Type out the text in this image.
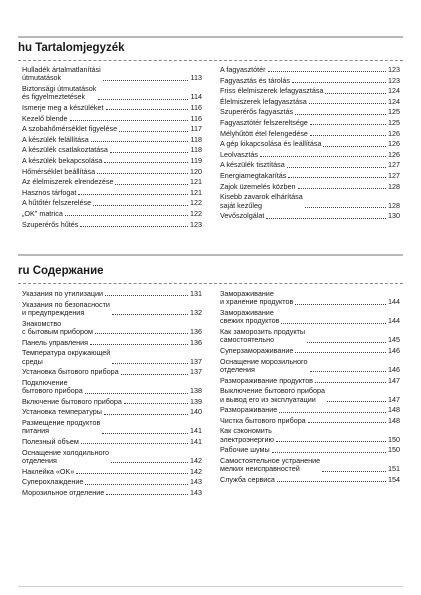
hu Tartalomjegyzék
Hulladék ártalmatlanítási
útmutatások	113
Biztonsági útmutatások
és figyelmeztetések	114
Ismerje meg a készüléket	116
Kezelő blende	116
A szobahőmérséklet figyelése	117
A készülék felállítása	118
A készülék csatlakoztatása	118
A készülék bekapcsolása	119
Hőmérséklet beállítása	120
Az élelmiszerek elrendezése	121
Hasznos tárfogat	121
A hűtőtér felszerelése	122
„OK" matrica	122
Szuperérős hűtés	123
A fagyasztótér	123
Fagyasztás és tárolás	123
Friss élelmiszerek lefagyasztása	124
Élelmiszerek lefagyasztása	124
Szuperérős fagyasztás	125
Fagyasztótér felszereltsége	125
Mélyhűtött étel felengedése	126
A gép kikapcsolása és leállítása	126
Leolvasztás	126
A készülék tisztítása	127
Energiamegtakarítás	127
Zajok üzemelés közben	128
Kisebb zavarok elhárítása
saját kezűleg	128
Vevőszolgálat	130
ru Содержание
Указания по утилизации	131
Указания по безопасности
и предупреждения	132
Знакомство
с бытовым прибором	136
Панель управления	136
Температура окружающей
среды	137
Установка бытового прибора	137
Подключение
бытового прибора	138
Включение бытового прибора	139
Установка температуры	140
Размещение продуктов
питания	141
Полезный объем	141
Оснащение холодильного
отделения	142
Наклейка «OK»	142
Суперохлаждение	143
Морозильное отделение	143
Замораживание
и хранение продуктов	144
Замораживание
свежих продуктов	144
Как заморозить продукты
самостоятельно	145
Суперзамораживание	146
Оснащение морозильного
отделения	146
Размораживание продуктов	147
Выключение бытового прибора
и вывод его из эксплуатации	147
Размораживание	148
Чистка бытового прибора	148
Как сэкономить
электроэнергию	150
Рабочие шумы	150
Самостоятельное устранение
мелких неисправностей	151
Служба сервиса	154
